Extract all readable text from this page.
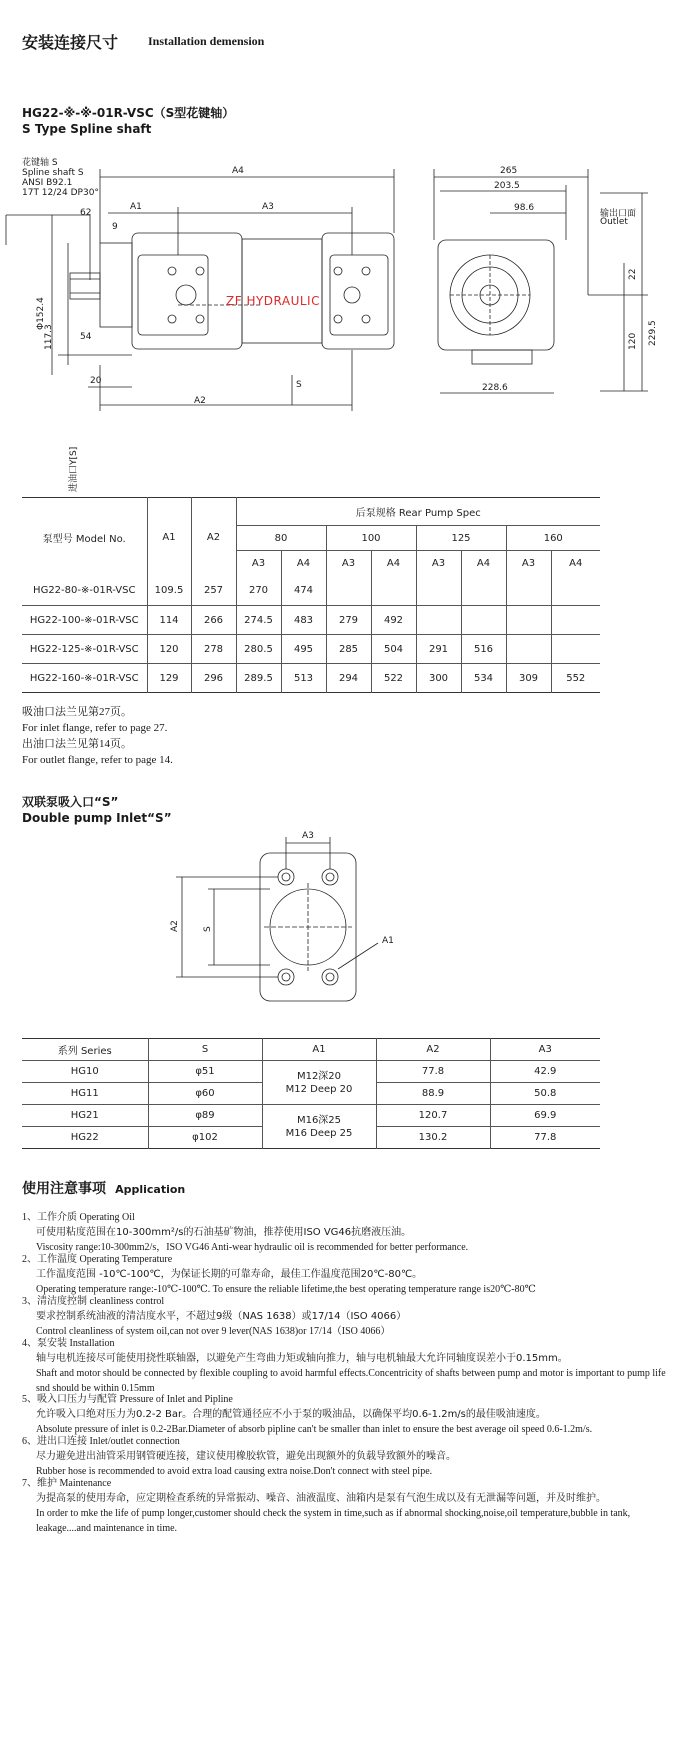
安装连接尺寸 Installation demension
HG22-※-※-01R-VSC（S型花键轴）
S Type Spline shaft
花键轴 S
Spline shaft S
ANSI B92.1
17T 12/24 DP30°
A4
A1	A3
62
9
Φ152.4
117.3	54
20
A2
S
进油口Y[S]
ZF HYDRAULIC
265
203.5
98.6
输出口面
Outlet
22
120 229.5
228.6
泵型号 Model No.	A1	A2	后泵规格 Rear Pump Spec							
			80		100		125		160	
			A3	A4	A3	A4	A3	A4	A3	A4
HG22-80-※-01R-VSC	109.5	257	270	474						
HG22-100-※-01R-VSC	114	266	274.5	483	279	492				
HG22-125-※-01R-VSC	120	278	280.5	495	285	504	291	516		
HG22-160-※-01R-VSC	129	296	289.5	513	294	522	300	534	309	552
吸油口法兰见第27页。
For inlet flange, refer to page 27.
出油口法兰见第14页。
For outlet flange, refer to page 14.
双联泵吸入口“S”
Double pump Inlet“S”
A3
A2	S
A1
系列 Series	S	A1	A2	A3
HG10	φ51	M12深20
M12 Deep 20	77.8	42.9
HG11	φ60		88.9	50.8
HG21	φ89	M16深25
M16 Deep 25	120.7	69.9
HG22	φ102		130.2	77.8
使用注意事项 Application
1、工作介质 Operating Oil
可使用粘度范围在10-300mm²/s的石油基矿物油，推荐使用ISO VG46抗磨液压油。
Viscosity range:10-300mm2/s，ISO VG46 Anti-wear hydraulic oil is recommended for better performance.
2、工作温度 Operating Temperature
工作温度范围 -10℃-100℃，为保证长期的可靠寿命，最佳工作温度范围20℃-80℃。
Operating temperature range:-10℃-100℃. To ensure the reliable lifetime,the best operating temperature range is20℃-80℃
3、清洁度控制 cleanliness control
要求控制系统油液的清洁度水平，不超过9级（NAS 1638）或17/14（ISO 4066）
Control cleanliness of system oil,can not over 9 lever(NAS 1638)or 17/14（ISO 4066）
4、泵安装 Installation
轴与电机连接尽可能使用挠性联轴器，以避免产生弯曲力矩或轴向推力，轴与电机轴最大允许同轴度误差小于0.15mm。
Shaft and motor should be connected by flexible coupling to avoid harmful effects.Concentricity of shafts between pump and motor is important to pump life snd should be within 0.15mm
5、吸入口压力与配管 Pressure of Inlet and Pipline
允许吸入口绝对压力为0.2-2 Bar。合理的配管通径应不小于泵的吸油品，以确保平均0.6-1.2m/s的最佳吸油速度。
Absolute pressure of inlet is 0.2-2Bar.Diameter of absorb pipline can't be smaller than inlet to ensure the best average oil speed 0.6-1.2m/s.
6、进出口连接 Inlet/outlet connection
尽力避免进出油管采用钢管硬连接，建议使用橡胶软管，避免出现额外的负载导致额外的噪音。
Rubber hose is recommended to avoid extra load causing extra noise.Don't connect with steel pipe.
7、维护 Maintenance
为提高泵的使用寿命，应定期检查系统的异常振动、噪音、油液温度、油箱内是泵有气泡生成以及有无泄漏等问题，并及时维护。
In order to mke the life of pump longer,customer should check the system in time,such as if abnormal shocking,noise,oil temperature,bubble in tank, leakage....and maintenance in time.
